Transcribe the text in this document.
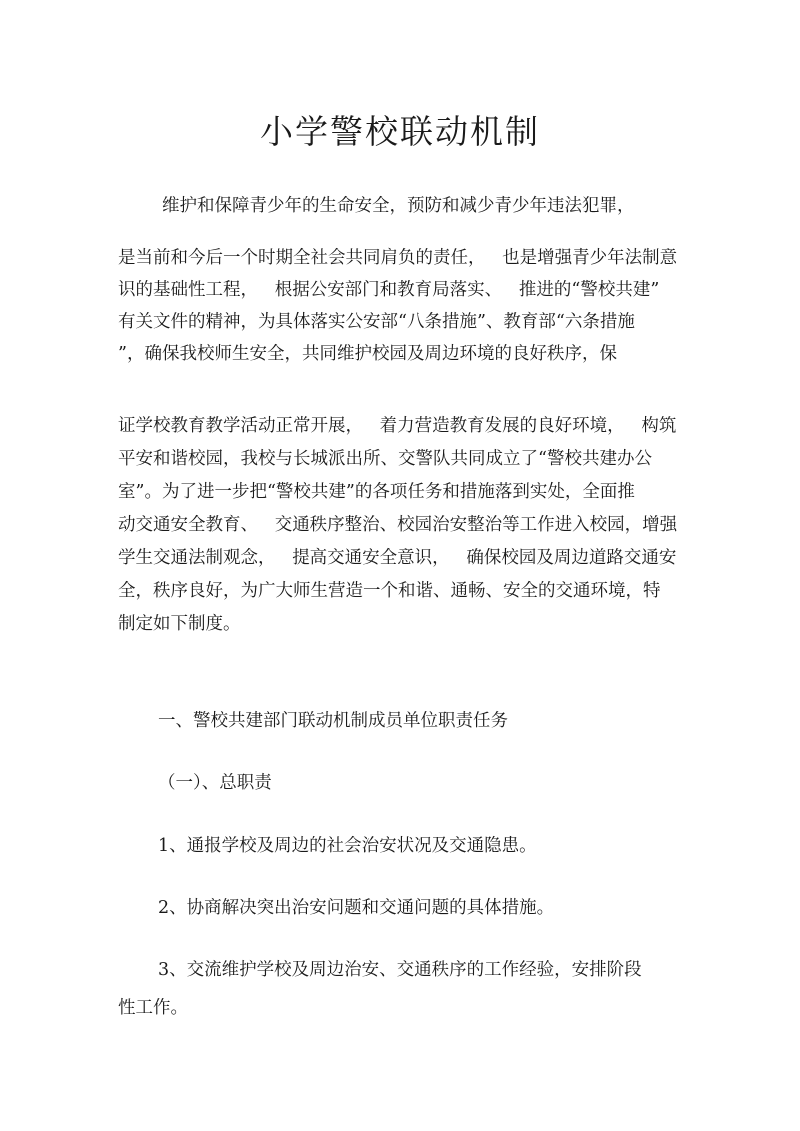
小学警校联动机制

维护和保障青少年的生命安全，预防和减少青少年违法犯罪，

是当前和今后一个时期全社会共同肩负的责任，   也是增强青少年法制意

识的基础性工程，   根据公安部门和教育局落实、   推进的“警校共建”

有关文件的精神，为具体落实公安部“八条措施”、教育部“六条措施

”，确保我校师生安全，共同维护校园及周边环境的良好秩序，保

证学校教育教学活动正常开展，   着力营造教育发展的良好环境，   构筑

平安和谐校园，我校与长城派出所、交警队共同成立了“警校共建办公

室”。为了进一步把“警校共建”的各项任务和措施落到实处，全面推

动交通安全教育、   交通秩序整治、校园治安整治等工作进入校园，增强

学生交通法制观念，   提高交通安全意识，   确保校园及周边道路交通安

全，秩序良好，为广大师生营造一个和谐、通畅、安全的交通环境，特

制定如下制度。

一、警校共建部门联动机制成员单位职责任务

（一）、总职责

1、通报学校及周边的社会治安状况及交通隐患。

2、协商解决突出治安问题和交通问题的具体措施。

3、交流维护学校及周边治安、交通秩序的工作经验，安排阶段

性工作。
